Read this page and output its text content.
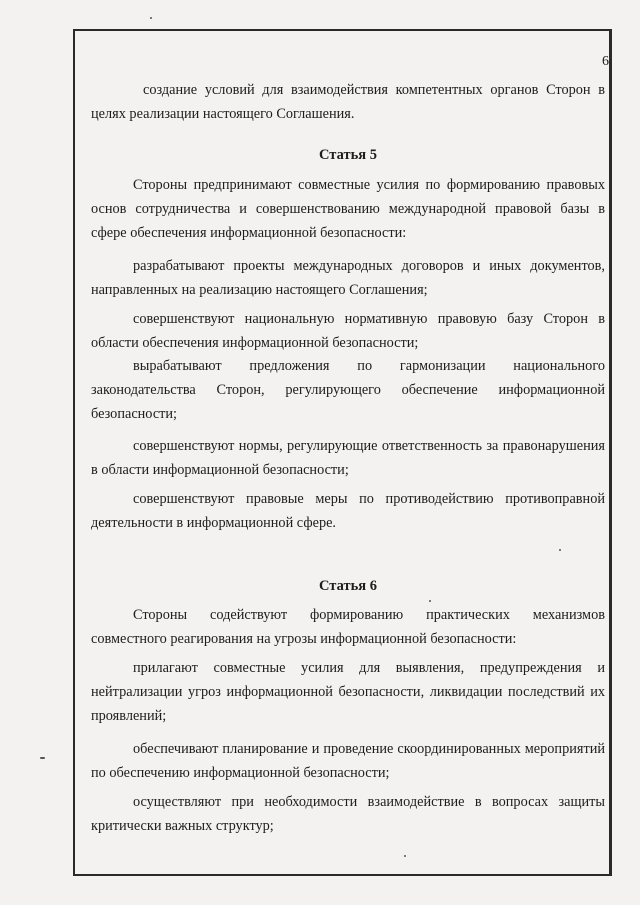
6

создание условий для взаимодействия компетентных органов Сторон в целях реализации настоящего Соглашения.

Статья 5

Стороны предпринимают совместные усилия по формированию правовых основ сотрудничества и совершенствованию международной правовой базы в сфере обеспечения информационной безопасности:

разрабатывают проекты международных договоров и иных документов, направленных на реализацию настоящего Соглашения;

совершенствуют национальную нормативную правовую базу Сторон в области обеспечения информационной безопасности;

вырабатывают предложения по гармонизации национального законодательства Сторон, регулирующего обеспечение информационной безопасности;

совершенствуют нормы, регулирующие ответственность за правонарушения в области информационной безопасности;

совершенствуют правовые меры по противодействию противоправной деятельности в информационной сфере.

Статья 6

Стороны содействуют формированию практических механизмов совместного реагирования на угрозы информационной безопасности:

прилагают совместные усилия для выявления, предупреждения и нейтрализации угроз информационной безопасности, ликвидации последствий их проявлений;

обеспечивают планирование и проведение скоординированных мероприятий по обеспечению информационной безопасности;

осуществляют при необходимости взаимодействие в вопросах защиты критически важных структур;
